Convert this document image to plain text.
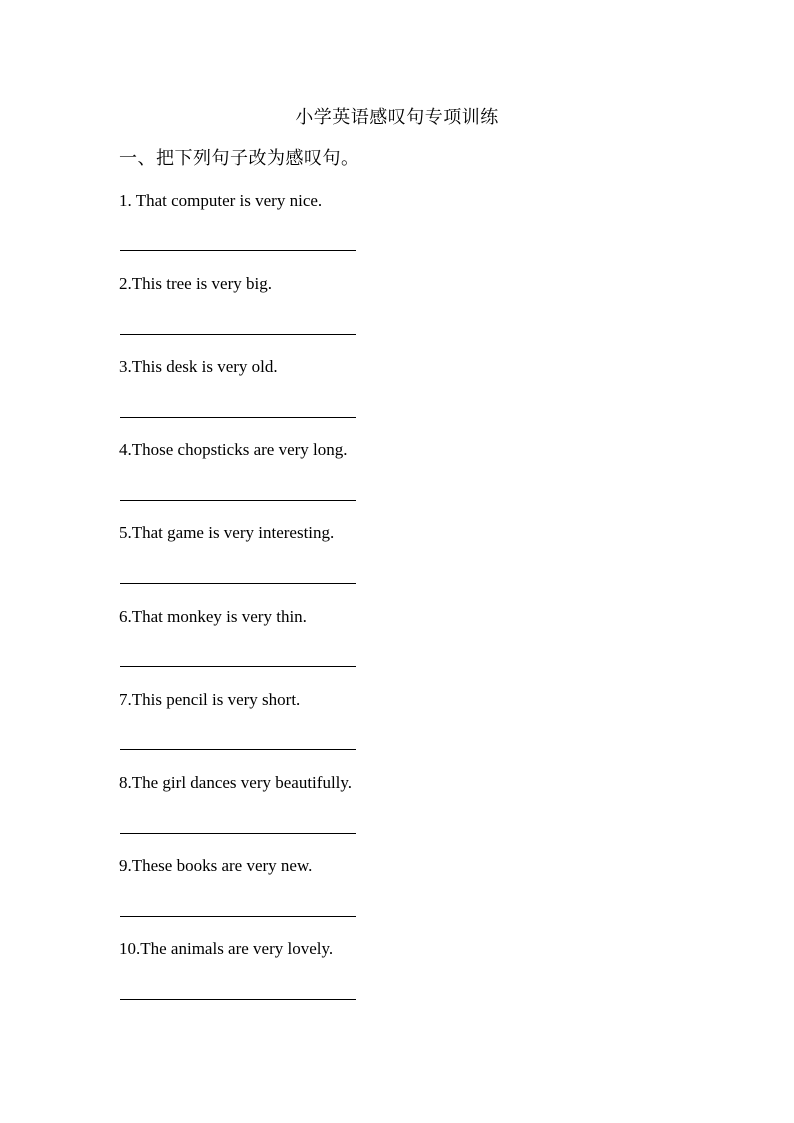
小学英语感叹句专项训练
一、把下列句子改为感叹句。
1. That computer is very nice.
2.This tree is very big.
3.This desk is very old.
4.Those chopsticks are very long.
5.That game is very interesting.
6.That monkey is very thin.
7.This pencil is very short.
8.The girl dances very beautifully.
9.These books are very new.
10.The animals are very lovely.
